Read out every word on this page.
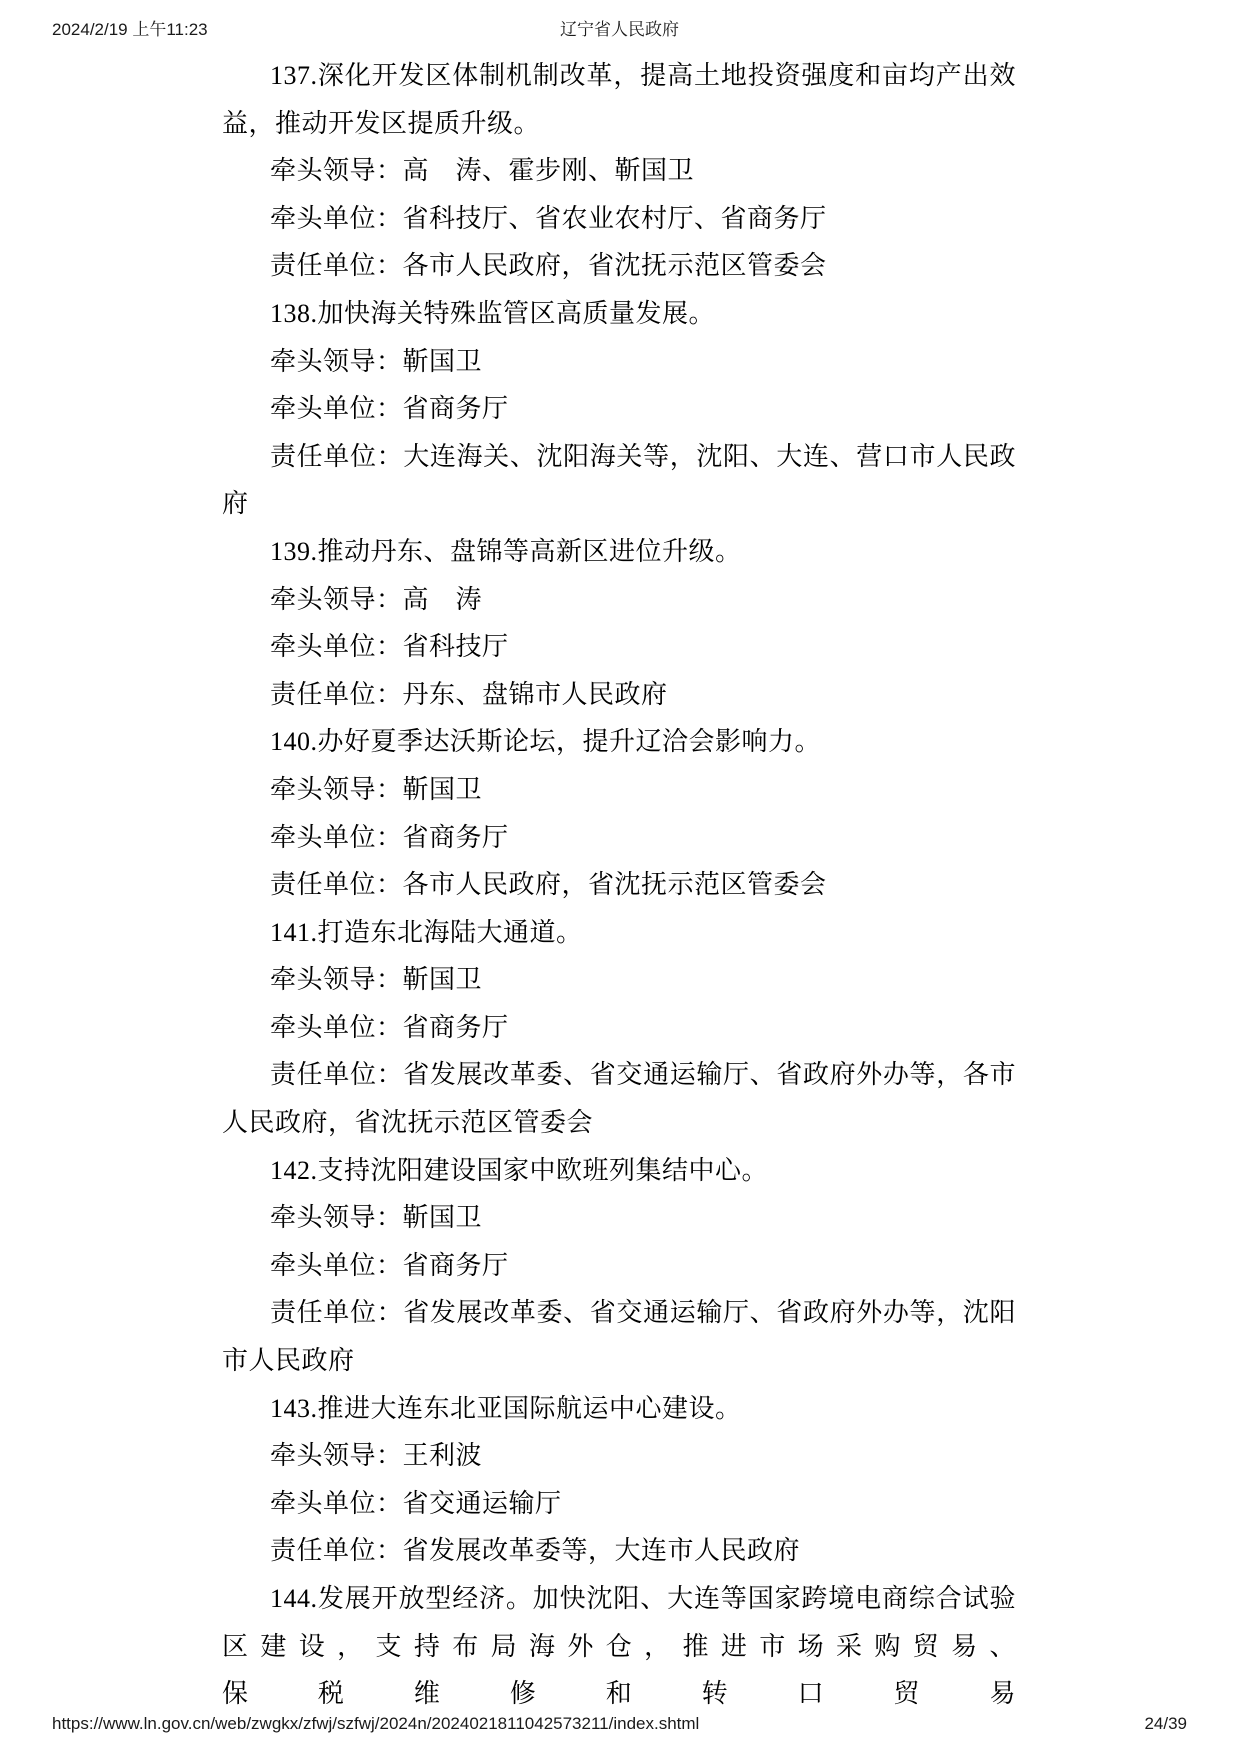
2024/2/19 上午11:23	辽宁省人民政府
137.深化开发区体制机制改革，提高土地投资强度和亩均产出效
益，推动开发区提质升级。
牵头领导：高　涛、霍步刚、靳国卫
牵头单位：省科技厅、省农业农村厅、省商务厅
责任单位：各市人民政府，省沈抚示范区管委会
138.加快海关特殊监管区高质量发展。
牵头领导：靳国卫
牵头单位：省商务厅
责任单位：大连海关、沈阳海关等，沈阳、大连、营口市人民政
府
139.推动丹东、盘锦等高新区进位升级。
牵头领导：高　涛
牵头单位：省科技厅
责任单位：丹东、盘锦市人民政府
140.办好夏季达沃斯论坛，提升辽洽会影响力。
牵头领导：靳国卫
牵头单位：省商务厅
责任单位：各市人民政府，省沈抚示范区管委会
141.打造东北海陆大通道。
牵头领导：靳国卫
牵头单位：省商务厅
责任单位：省发展改革委、省交通运输厅、省政府外办等，各市
人民政府，省沈抚示范区管委会
142.支持沈阳建设国家中欧班列集结中心。
牵头领导：靳国卫
牵头单位：省商务厅
责任单位：省发展改革委、省交通运输厅、省政府外办等，沈阳
市人民政府
143.推进大连东北亚国际航运中心建设。
牵头领导：王利波
牵头单位：省交通运输厅
责任单位：省发展改革委等，大连市人民政府
144.发展开放型经济。加快沈阳、大连等国家跨境电商综合试验
区建设，支持布局海外仓，推进市场采购贸易、保税维修和转口贸易
https://www.ln.gov.cn/web/zwgkx/zfwj/szfwj/2024n/2024021811042573211/index.shtml	24/39
